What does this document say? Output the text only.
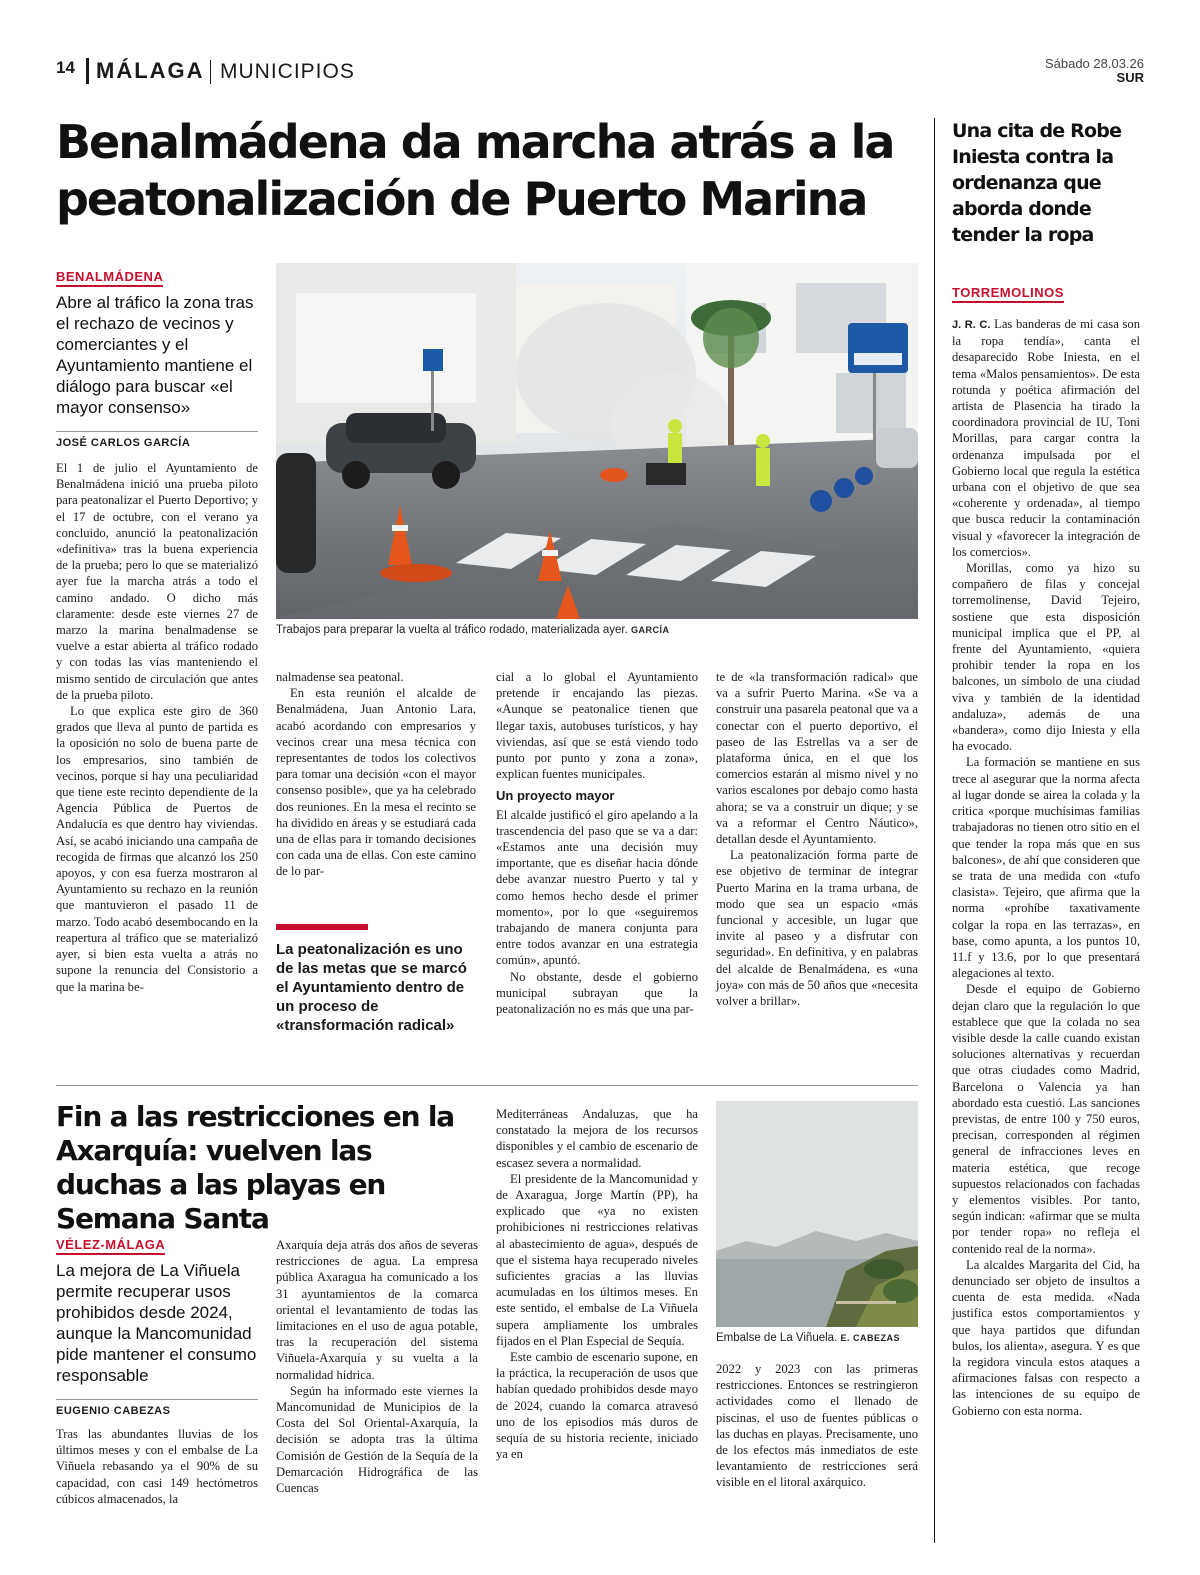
14 MÁLAGA MUNICIPIOS	Sábado 28.03.26
SUR
Benalmádena da marcha atrás a la peatonalización de Puerto Marina
BENALMÁDENA
Abre al tráfico la zona tras el rechazo de vecinos y comerciantes y el Ayuntamiento mantiene el diálogo para buscar «el mayor consenso»
JOSÉ CARLOS GARCÍA

El 1 de julio el Ayuntamiento de Benalmádena inició una prueba piloto para peatonalizar el Puerto Deportivo; y el 17 de octubre, con el verano ya concluido, anunció la peatonalización «definitiva» tras la buena experiencia de la prueba; pero lo que se materializó ayer fue la marcha atrás a todo el camino andado. O dicho más claramente: desde este viernes 27 de marzo la marina benalmadense se vuelve a estar abierta al tráfico rodado y con todas las vías manteniendo el mismo sentido de circulación que antes de la prueba piloto.

Lo que explica este giro de 360 grados que lleva al punto de partida es la oposición no solo de buena parte de los empresarios, sino también de vecinos, porque si hay una peculiaridad que tiene este recinto dependiente de la Agencia Pública de Puertos de Andalucía es que dentro hay viviendas. Así, se acabó iniciando una campaña de recogida de firmas que alcanzó los 250 apoyos, y con esa fuerza mostraron al Ayuntamiento su rechazo en la reunión que mantuvieron el pasado 11 de marzo. Todo acabó desembocando en la reapertura al tráfico que se materializó ayer, si bien esta vuelta a atrás no supone la renuncia del Consistorio a que la marina be-

Trabajos para preparar la vuelta al tráfico rodado, materializada ayer. GARCÍA

nalmadense sea peatonal.

En esta reunión el alcalde de Benalmádena, Juan Antonio Lara, acabó acordando con empresarios y vecinos crear una mesa técnica con representantes de todos los colectivos para tomar una decisión «con el mayor consenso posible», que ya ha celebrado dos reuniones. En la mesa el recinto se ha dividido en áreas y se estudiará cada una de ellas para ir tomando decisiones con cada una de ellas. Con este camino de lo par-

La peatonalización es uno de las metas que se marcó el Ayuntamiento dentro de un proceso de «transformación radical»

cial a lo global el Ayuntamiento pretende ir encajando las piezas. «Aunque se peatonalice tienen que llegar taxis, autobuses turísticos, y hay viviendas, así que se está viendo todo punto por punto y zona a zona», explican fuentes municipales.

Un proyecto mayor

El alcalde justificó el giro apelando a la trascendencia del paso que se va a dar: «Estamos ante una decisión muy importante, que es diseñar hacia dónde debe avanzar nuestro Puerto y tal y como hemos hecho desde el primer momento», por lo que «seguiremos trabajando de manera conjunta para entre todos avanzar en una estrategia común», apuntó.

No obstante, desde el gobierno municipal subrayan que la peatonalización no es más que una par-

te de «la transformación radical» que va a sufrir Puerto Marina. «Se va a construir una pasarela peatonal que va a conectar con el puerto deportivo, el paseo de las Estrellas va a ser de plataforma única, en el que los comercios estarán al mismo nivel y no varios escalones por debajo como hasta ahora; se va a construir un dique; y se va a reformar el Centro Náutico», detallan desde el Ayuntamiento.

La peatonalización forma parte de ese objetivo de terminar de integrar Puerto Marina en la trama urbana, de modo que sea un espacio «más funcional y accesible, un lugar que invite al paseo y a disfrutar con seguridad». En definitiva, y en palabras del alcalde de Benalmádena, es «una joya» con más de 50 años que «necesita volver a brillar».

Una cita de Robe Iniesta contra la ordenanza que aborda donde tender la ropa
TORREMOLINOS

J. R. C. Las banderas de mi casa son la ropa tendía», canta el desaparecido Robe Iniesta, en el tema «Malos pensamientos». De esta rotunda y poética afirmación del artista de Plasencia ha tirado la coordinadora provincial de IU, Toni Morillas, para cargar contra la ordenanza impulsada por el Gobierno local que regula la estética urbana con el objetivo de que sea «coherente y ordenada», al tiempo que busca reducir la contaminación visual y «favorecer la integración de los comercios».

Morillas, como ya hizo su compañero de filas y concejal torremolinense, David Tejeiro, sostiene que esta disposición municipal implica que el PP, al frente del Ayuntamiento, «quiera prohibir tender la ropa en los balcones, un símbolo de una ciudad viva y también de la identidad andaluza», además de una «bandera», como dijo Iniesta y ella ha evocado.

La formación se mantiene en sus trece al asegurar que la norma afecta al lugar donde se airea la colada y la critica «porque muchísimas familias trabajadoras no tienen otro sitio en el que tender la ropa más que en sus balcones», de ahí que consideren que se trata de una medida con «tufo clasista». Tejeiro, que afirma que la norma «prohíbe taxativamente colgar la ropa en las terrazas», en base, como apunta, a los puntos 10, 11.f y 13.6, por lo que presentará alegaciones al texto.

Desde el equipo de Gobierno dejan claro que la regulación lo que establece que que la colada no sea visible desde la calle cuando existan soluciones alternativas y recuerdan que otras ciudades como Madrid, Barcelona o Valencia ya han abordado esta cuestió. Las sanciones previstas, de entre 100 y 750 euros, precisan, corresponden al régimen general de infracciones leves en materia estética, que recoge supuestos relacionados con fachadas y elementos visibles. Por tanto, según indican: «afirmar que se multa por tender ropa» no refleja el contenido real de la norma».

La alcaldes Margarita del Cid, ha denunciado ser objeto de insultos a cuenta de esta medida. «Nada justifica estos comportamientos y que haya partidos que difundan bulos, los alienta», asegura. Y es que la regidora vincula estos ataques a afirmaciones falsas con respecto a las intenciones de su equipo de Gobierno con esta norma.

Fin a las restricciones en la Axarquía: vuelven las duchas a las playas en Semana Santa
VÉLEZ-MÁLAGA
La mejora de La Viñuela permite recuperar usos prohibidos desde 2024, aunque la Mancomunidad pide mantener el consumo responsable
EUGENIO CABEZAS

Tras las abundantes lluvias de los últimos meses y con el embalse de La Viñuela rebasando ya el 90% de su capacidad, con casi 149 hectómetros cúbicos almacenados, la

Axarquía deja atrás dos años de severas restricciones de agua. La empresa pública Axaragua ha comunicado a los 31 ayuntamientos de la comarca oriental el levantamiento de todas las limitaciones en el uso de agua potable, tras la recuperación del sistema Viñuela-Axarquía y su vuelta a la normalidad hídrica.

Según ha informado este viernes la Mancomunidad de Municipios de la Costa del Sol Oriental-Axarquía, la decisión se adopta tras la última Comisión de Gestión de la Sequía de la Demarcación Hidrográfica de las Cuencas

Mediterráneas Andaluzas, que ha constatado la mejora de los recursos disponibles y el cambio de escenario de escasez severa a normalidad.

El presidente de la Mancomunidad y de Axaragua, Jorge Martín (PP), ha explicado que «ya no existen prohibiciones ni restricciones relativas al abastecimiento de agua», después de que el sistema haya recuperado niveles suficientes gracias a las lluvias acumuladas en los últimos meses. En este sentido, el embalse de La Viñuela supera ampliamente los umbrales fijados en el Plan Especial de Sequía.

Este cambio de escenario supone, en la práctica, la recuperación de usos que habían quedado prohibidos desde mayo de 2024, cuando la comarca atravesó uno de los episodios más duros de sequía de su historia reciente, iniciado ya en

Embalse de La Viñuela. E. CABEZAS

2022 y 2023 con las primeras restricciones. Entonces se restringieron actividades como el llenado de piscinas, el uso de fuentes públicas o las duchas en playas. Precisamente, uno de los efectos más inmediatos de este levantamiento de restricciones será visible en el litoral axárquico.
